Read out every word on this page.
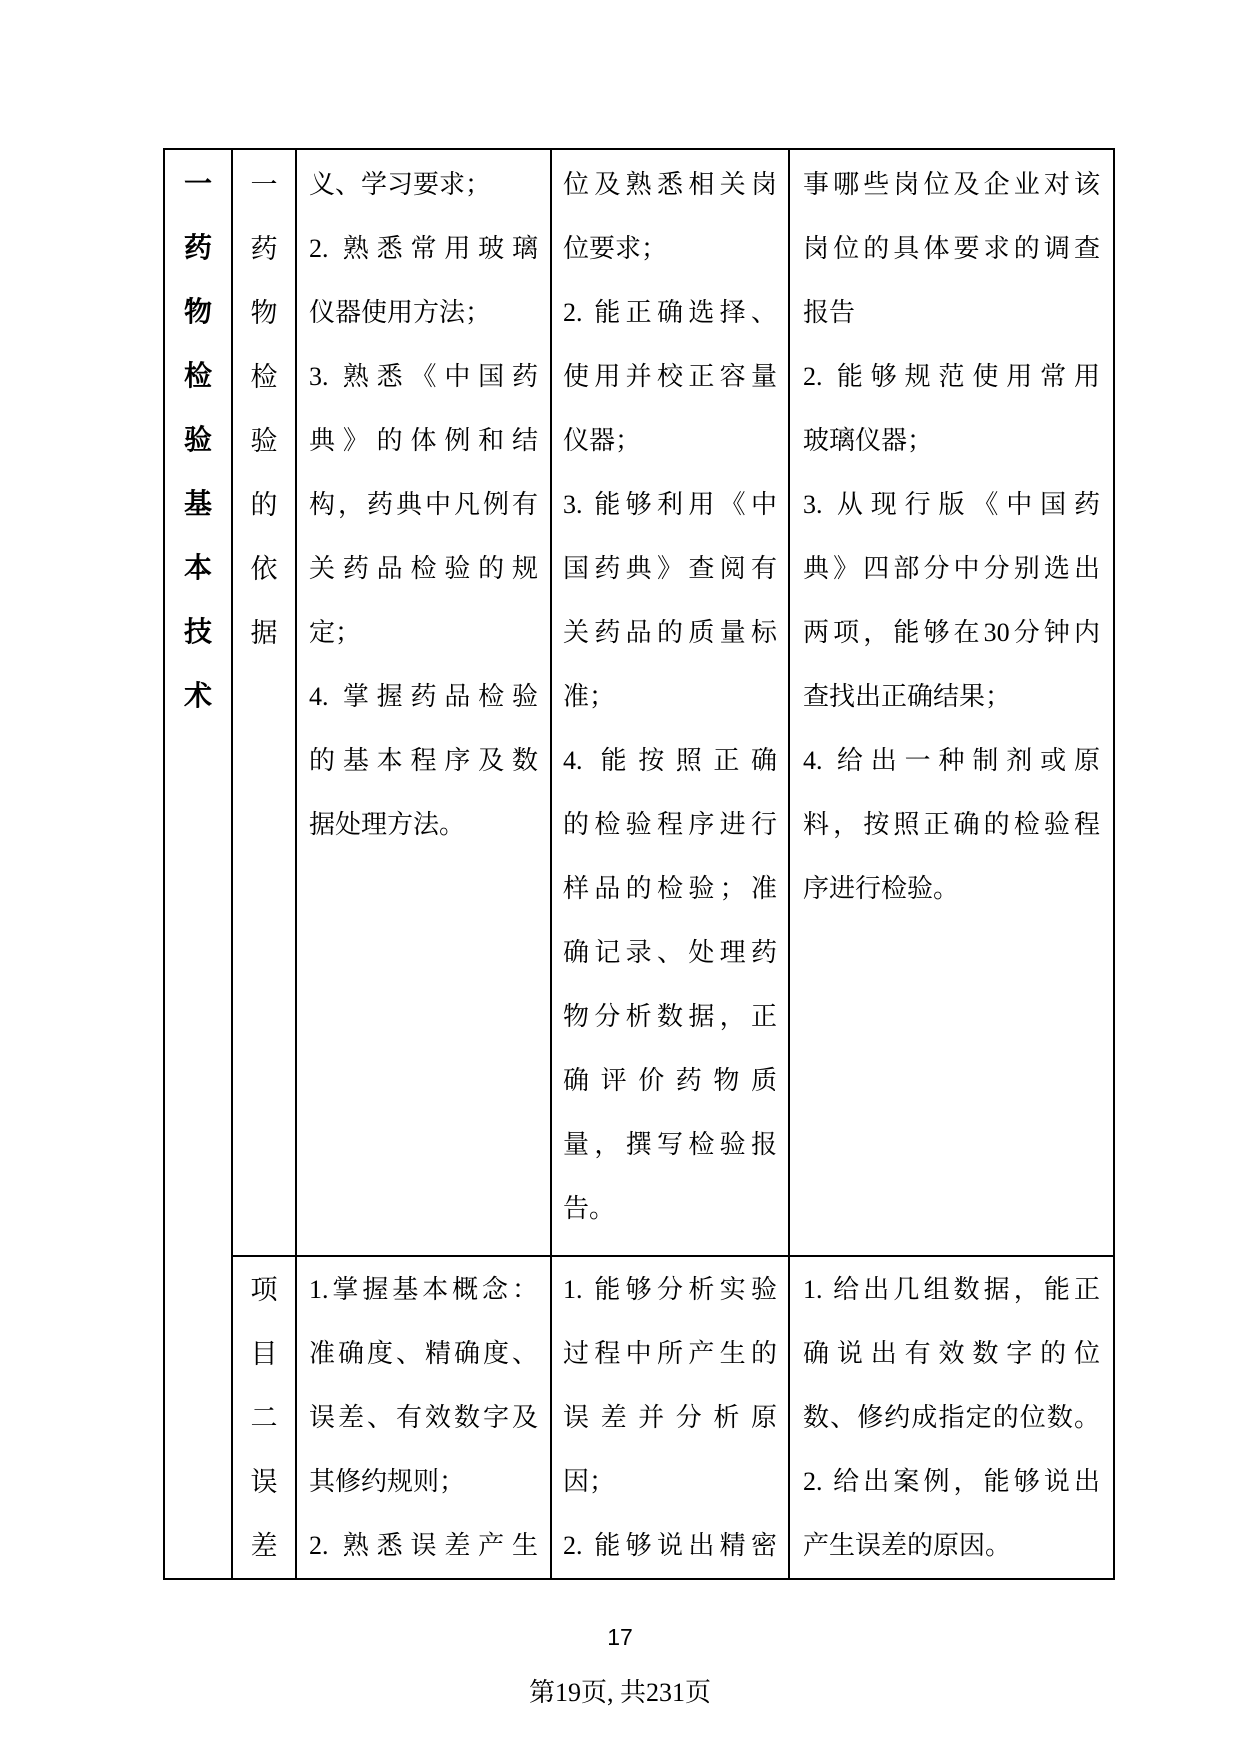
一
药
物
检
验
基
本
技
术
一
药
物
检
验
的
依
据
义、学习要求；
2. 熟悉常用玻璃
仪器使用方法；
3. 熟悉《中国药
典》的体例和结
构，药典中凡例有
关药品检验的规
定；
4. 掌握药品检验
的基本程序及数
据处理方法。
位及熟悉相关岗
位要求；
2. 能正确选择、
使用并校正容量
仪器；
3. 能够利用《中
国药典》查阅有
关药品的质量标
准；
4. 能按照正确
的检验程序进行
样品的检验；准
确记录、处理药
物分析数据，正
确评价药物质
量，撰写检验报
告。
事哪些岗位及企业对该
岗位的具体要求的调查
报告
2. 能够规范使用常用
玻璃仪器；
3. 从现行版《中国药
典》四部分中分别选出
两项，能够在30分钟内
查找出正确结果；
4. 给出一种制剂或原
料，按照正确的检验程
序进行检验。
项
目
二
误
差
1.掌握基本概念：
准确度、精确度、
误差、有效数字及
其修约规则；
2. 熟悉误差产生
1. 能够分析实验
过程中所产生的
误差并分析原
因；
2. 能够说出精密
1. 给出几组数据，能正
确说出有效数字的位
数、修约成指定的位数。
2. 给出案例，能够说出
产生误差的原因。
17
第19页, 共231页
